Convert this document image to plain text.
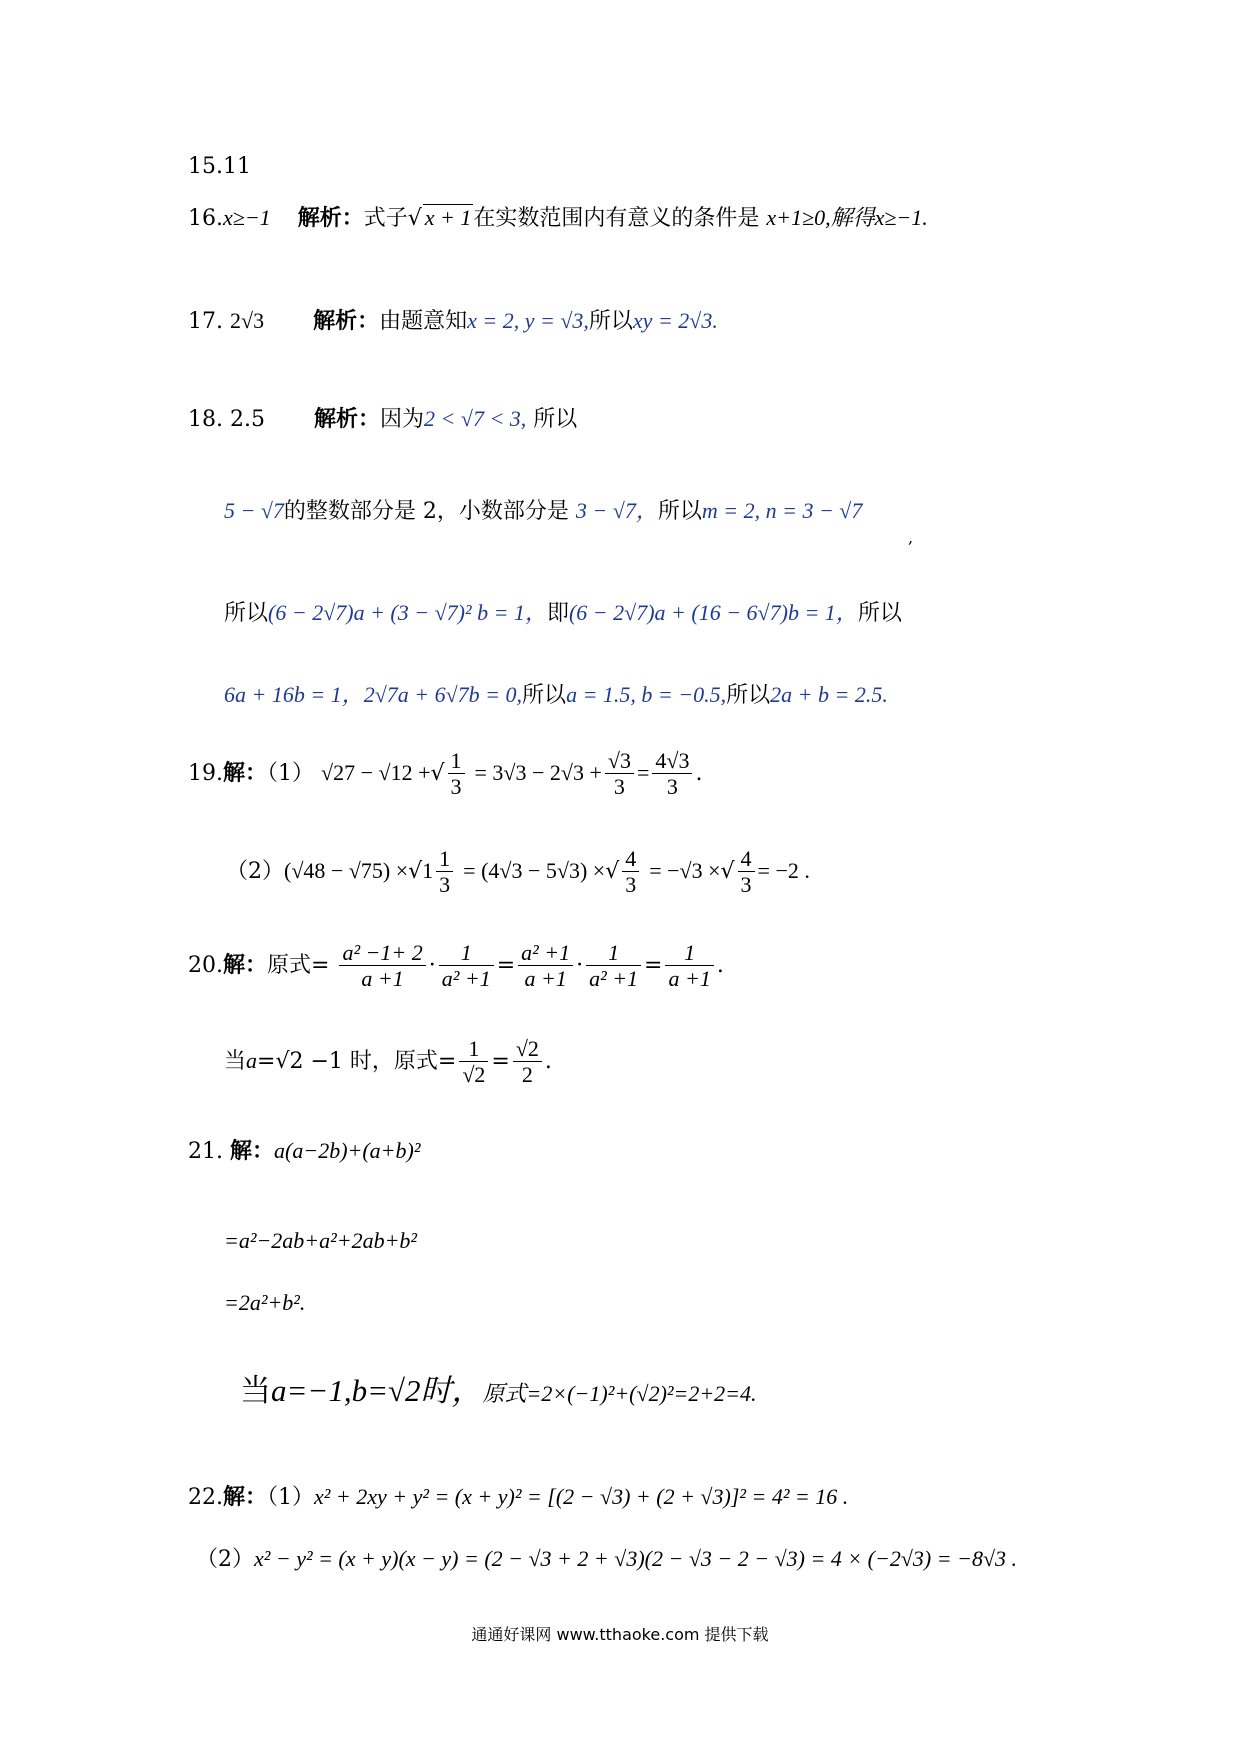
15.11
16.x≥−1 解析：式子√ x + 1在实数范围内有意义的条件是 x+1≥0,解得x≥−1.
17. 2√3 解析：由题意知x = 2, y = √3,所以xy = 2√3.
18. 2.5 解析：因为2 < √7 < 3, 所以
5 − √7的整数部分是 2，小数部分是 3 − √7，所以m = 2, n = 3 − √7
,
所以(6 − 2√7)a + (3 − √7)² b = 1，即(6 − 2√7)a + (16 − 6√7)b = 1，所以
6a + 16b = 1，2√7a + 6√7b = 0,所以a = 1.5, b = −0.5,所以2a + b = 2.5.
19.解：（1） √27 − √12 +√ $\frac{1}{3} = 3√3 - 2√3 + \frac{√3}{3} = \frac{4√3}{3}$ .
$(2)(√48 - √75) \times√1 \frac{1}{3} = (4√3 - 5√3)$ ×√ $\frac{4}{3} = -√3$ ×√ $\frac{4}{3} = -2$ .
20.解：原式= $\frac{\text{a² −1+ 2}}{a +1} \cdot \frac{1}{\text{a² +1}} = \frac{\text{a² +1}}{a +1} \cdot \frac{1}{\text{a² +1}} = \frac{1}{a +1}$ .
当a=√2 −1 时，原式= $\frac{1}{√2} = \frac{√2}{2}$ .
21. 解：a(a−2b)+(a+b)²
=a²−2ab+a²+2ab+b²
=2a²+b².
当a=−1,b=√2时，原式=2×(−1)²+(√2)²=2+2=4.
22.解：（1）x² + 2xy + y² = (x + y)² = [(2 − √3) + (2 + √3)]² = 4² = 16 .
（2）x² − y² = (x + y)(x − y) = (2 − √3 + 2 + √3)(2 − √3 − 2 − √3) = 4 × (−2√3) = −8√3 .
通通好课网 www.tthaoke.com 提供下载
